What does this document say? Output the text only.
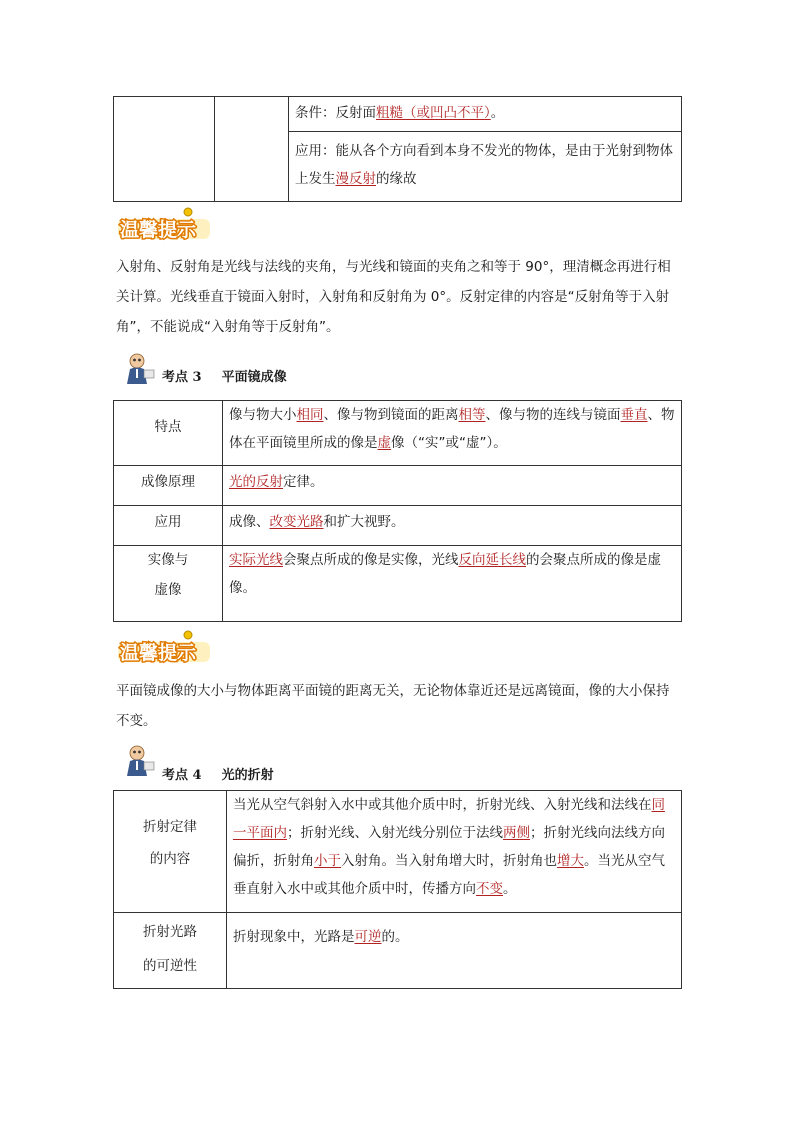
条件：反射面粗糙（或凹凸不平）。

应用：能从各个方向看到本身不发光的物体，是由于光射到物体上发生漫反射的缘故
温馨提示
入射角、反射角是光线与法线的夹角，与光线和镜面的夹角之和等于 90°，理清概念再进行相关计算。光线垂直于镜面入射时，入射角和反射角为 0°。反射定律的内容是“反射角等于入射角”，不能说成“入射角等于反射角”。
考点 3 平面镜成像
特点	像与物大小相同、像与物到镜面的距离相等、像与物的连线与镜面垂直、物体在平面镜里所成的像是虚像（“实”或“虚”）。

成像原理	光的反射定律。

应用	成像、改变光路和扩大视野。

实像与
虚像	实际光线会聚点所成的像是实像，光线反向延长线的会聚点所成的像是虚像。
温馨提示
平面镜成像的大小与物体距离平面镜的距离无关，无论物体靠近还是远离镜面，像的大小保持不变。
考点 4 光的折射
折射定律
的内容	当光从空气斜射入水中或其他介质中时，折射光线、入射光线和法线在同一平面内；折射光线、入射光线分别位于法线两侧；折射光线向法线方向偏折，折射角小于入射角。当入射角增大时，折射角也增大。当光从空气垂直射入水中或其他介质中时，传播方向不变。

折射光路
的可逆性	折射现象中，光路是可逆的。
